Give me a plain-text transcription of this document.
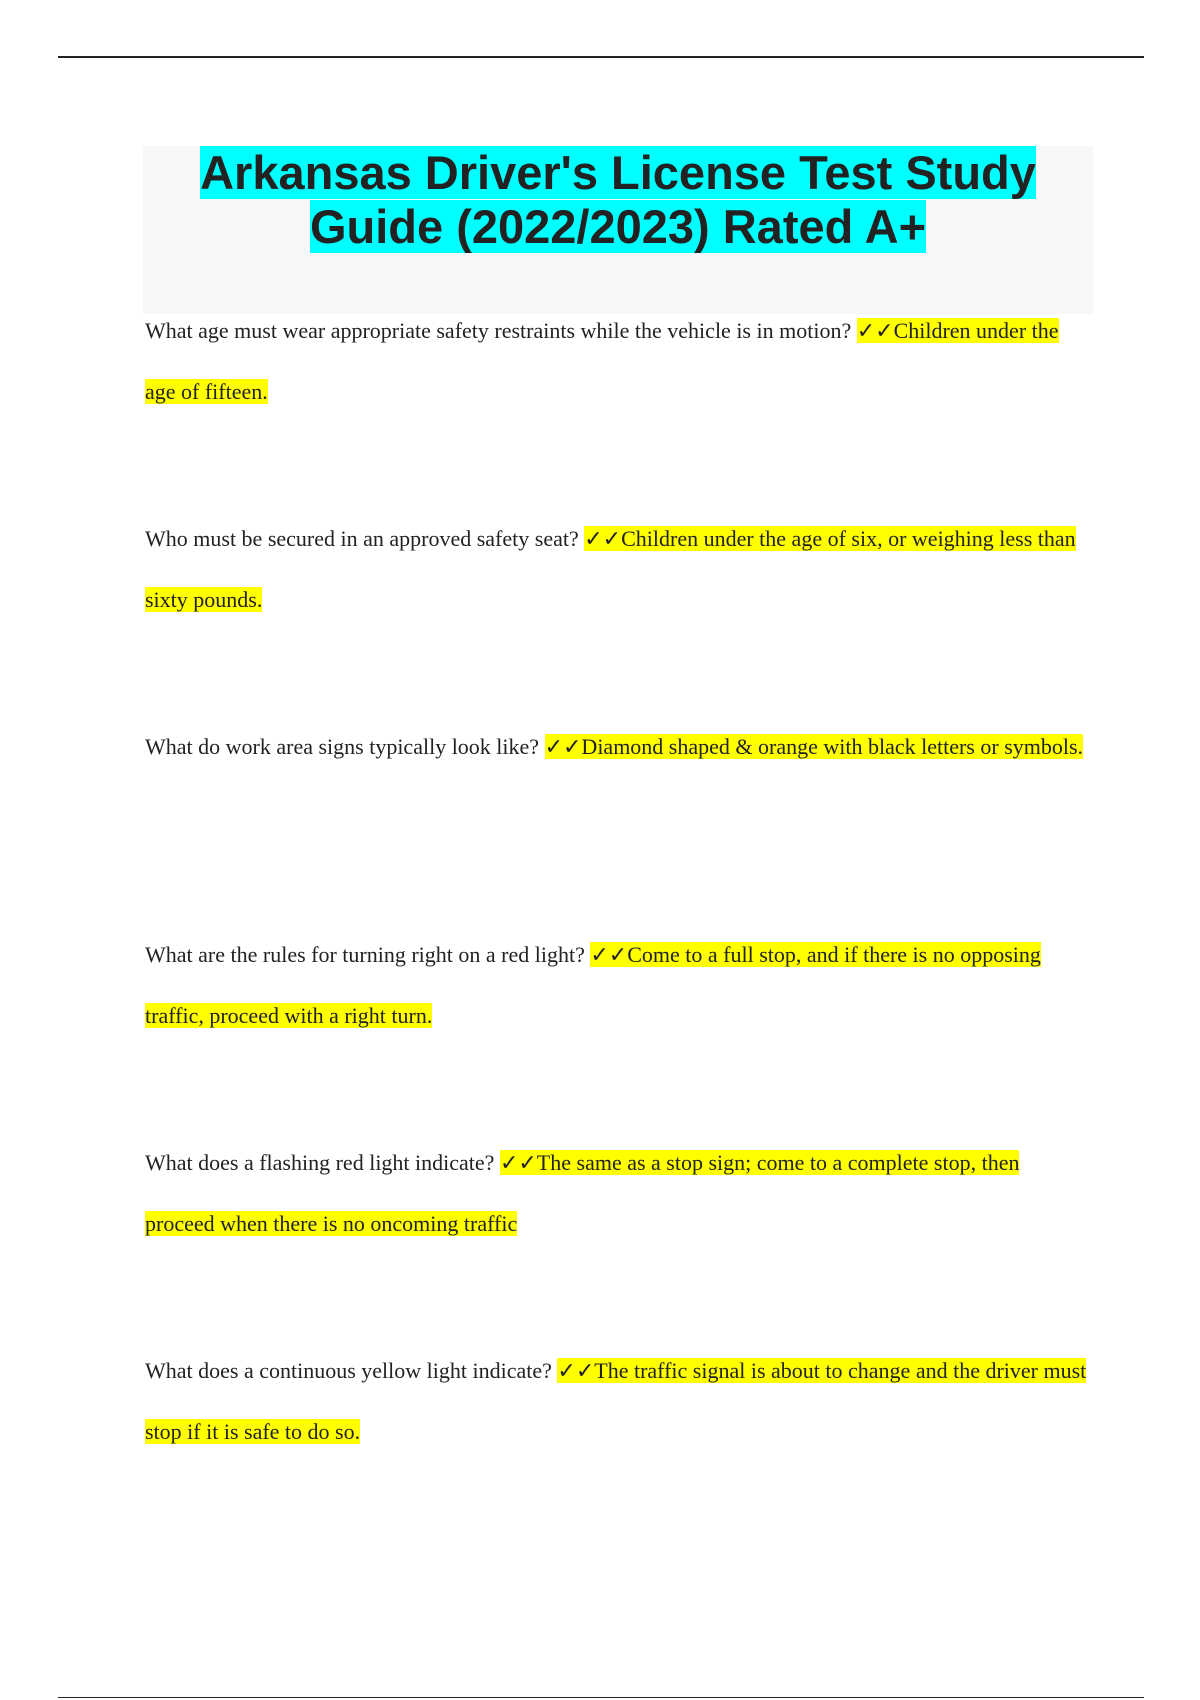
Arkansas Driver's License Test Study Guide (2022/2023) Rated A+

What age must wear appropriate safety restraints while the vehicle is in motion? ✓✓Children under the age of fifteen.

Who must be secured in an approved safety seat? ✓✓Children under the age of six, or weighing less than sixty pounds.

What do work area signs typically look like? ✓✓Diamond shaped & orange with black letters or symbols.

What are the rules for turning right on a red light? ✓✓Come to a full stop, and if there is no opposing traffic, proceed with a right turn.

What does a flashing red light indicate? ✓✓The same as a stop sign; come to a complete stop, then proceed when there is no oncoming traffic

What does a continuous yellow light indicate? ✓✓The traffic signal is about to change and the driver must stop if it is safe to do so.
